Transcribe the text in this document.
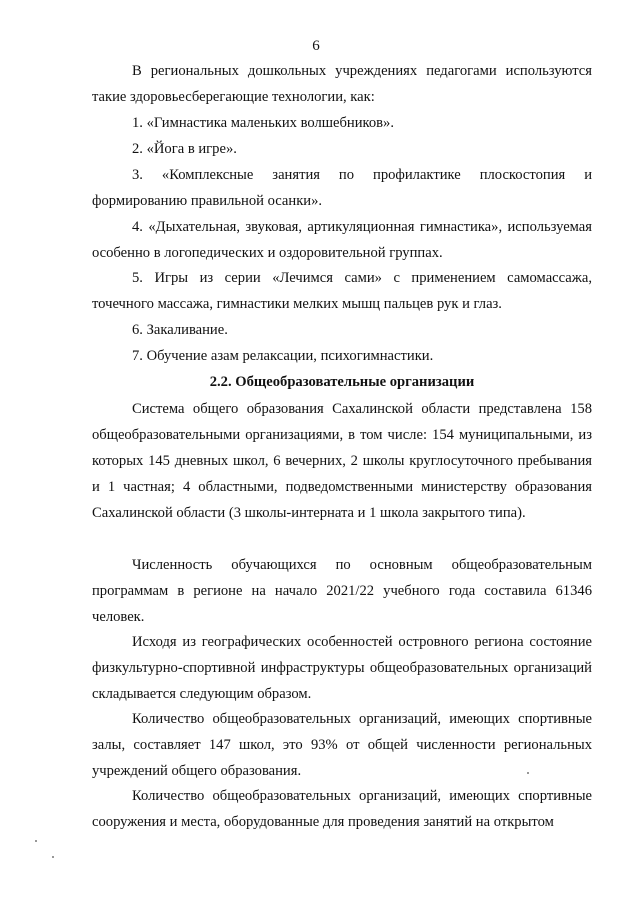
6

В региональных дошкольных учреждениях педагогами используются такие здоровьесберегающие технологии, как:

1. «Гимнастика маленьких волшебников».

2. «Йога в игре».

3. «Комплексные занятия по профилактике плоскостопия и формированию правильной осанки».

4. «Дыхательная, звуковая, артикуляционная гимнастика», используемая особенно в логопедических и оздоровительной группах.

5. Игры из серии «Лечимся сами» с применением самомассажа, точечного массажа, гимнастики мелких мышц пальцев рук и глаз.

6. Закаливание.

7. Обучение азам релаксации, психогимнастики.

2.2. Общеобразовательные организации

Система общего образования Сахалинской области представлена 158 общеобразовательными организациями, в том числе: 154 муниципальными, из которых 145 дневных школ, 6 вечерних, 2 школы круглосуточного пребывания и 1 частная; 4 областными, подведомственными министерству образования Сахалинской области (3 школы-интерната и 1 школа закрытого типа).

Численность обучающихся по основным общеобразовательным программам в регионе на начало 2021/22 учебного года составила 61346 человек.

Исходя из географических особенностей островного региона состояние физкультурно-спортивной инфраструктуры общеобразовательных организаций складывается следующим образом.

Количество общеобразовательных организаций, имеющих спортивные залы, составляет 147 школ, это 93% от общей численности региональных учреждений общего образования.

Количество общеобразовательных организаций, имеющих спортивные сооружения и места, оборудованные для проведения занятий на открытом
